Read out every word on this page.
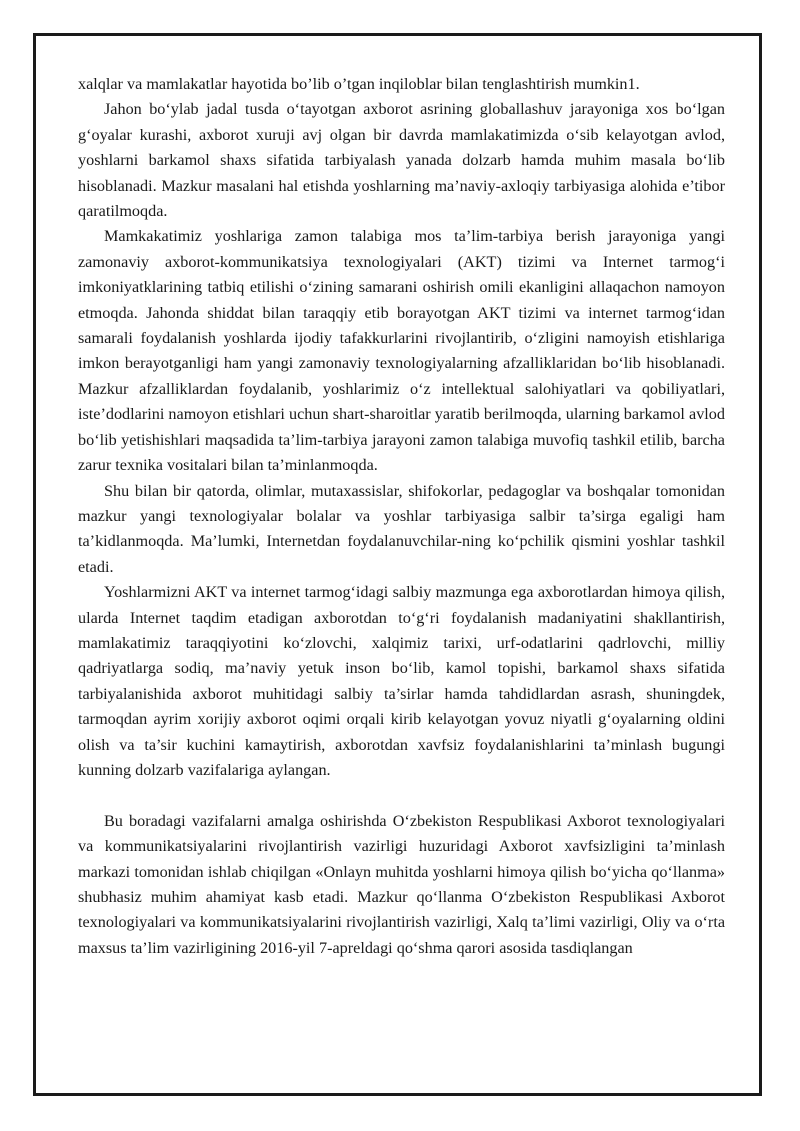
xalqlar va mamlakatlar hayotida bo’lib o’tgan inqiloblar bilan tenglashtirish mumkin1.

Jahon bo‘ylab jadal tusda o‘tayotgan axborot asrining globallashuv jarayoniga xos bo‘lgan g‘oyalar kurashi, axborot xuruji avj olgan bir davrda mamlakatimizda o‘sib kelayotgan avlod, yoshlarni barkamol shaxs sifatida tarbiyalash yanada dolzarb hamda muhim masala bo‘lib hisoblanadi. Mazkur masalani hal etishda yoshlarning ma’naviy-axloqiy tarbiyasiga alohida e’tibor qaratilmoqda.

Mamkakatimiz yoshlariga zamon talabiga mos ta’lim-tarbiya berish jarayoniga yangi zamonaviy axborot-kommunikatsiya texnologiyalari (AKT) tizimi va Internet tarmog‘i imkoniyatklarining tatbiq etilishi o‘zining samarani oshirish omili ekanligini allaqachon namoyon etmoqda. Jahonda shiddat bilan taraqqiy etib borayotgan AKT tizimi va internet tarmog‘idan samarali foydalanish yoshlarda ijodiy tafakkurlarini rivojlantirib, o‘zligini namoyish etishlariga imkon berayotganligi ham yangi zamonaviy texnologiyalarning afzalliklaridan bo‘lib hisoblanadi. Mazkur afzalliklardan foydalanib, yoshlarimiz o‘z intellektual salohiyatlari va qobiliyatlari, iste’dodlarini namoyon etishlari uchun shart-sharoitlar yaratib berilmoqda, ularning barkamol avlod bo‘lib yetishishlari maqsadida ta’lim-tarbiya jarayoni zamon talabiga muvofiq tashkil etilib, barcha zarur texnika vositalari bilan ta’minlanmoqda.

Shu bilan bir qatorda, olimlar, mutaxassislar, shifokorlar, pedagoglar va boshqalar tomonidan mazkur yangi texnologiyalar bolalar va yoshlar tarbiyasiga salbir ta’sirga egaligi ham ta’kidlanmoqda. Ma’lumki, Internetdan foydalanuvchilar-ning ko‘pchilik qismini yoshlar tashkil etadi.

Yoshlarmizni AKT va internet tarmog‘idagi salbiy mazmunga ega axborotlardan himoya qilish, ularda Internet taqdim etadigan axborotdan to‘g‘ri foydalanish madaniyatini shakllantirish, mamlakatimiz taraqqiyotini ko‘zlovchi, xalqimiz tarixi, urf-odatlarini qadrlovchi, milliy qadriyatlarga sodiq, ma’naviy yetuk inson bo‘lib, kamol topishi, barkamol shaxs sifatida tarbiyalanishida axborot muhitidagi salbiy ta’sirlar hamda tahdidlardan asrash, shuningdek, tarmoqdan ayrim xorijiy axborot oqimi orqali kirib kelayotgan yovuz niyatli g‘oyalarning oldini olish va ta’sir kuchini kamaytirish, axborotdan xavfsiz foydalanishlarini ta’minlash bugungi kunning dolzarb vazifalariga aylangan.

Bu boradagi vazifalarni amalga oshirishda O‘zbekiston Respublikasi Axborot texnologiyalari va kommunikatsiyalarini rivojlantirish vazirligi huzuridagi Axborot xavfsizligini ta’minlash markazi tomonidan ishlab chiqilgan «Onlayn muhitda yoshlarni himoya qilish bo‘yicha qo‘llanma» shubhasiz muhim ahamiyat kasb etadi. Mazkur qo‘llanma O‘zbekiston Respublikasi Axborot texnologiyalari va kommunikatsiyalarini rivojlantirish vazirligi, Xalq ta’limi vazirligi, Oliy va o‘rta maxsus ta’lim vazirligining 2016-yil 7-apreldagi qo‘shma qarori asosida tasdiqlangan
